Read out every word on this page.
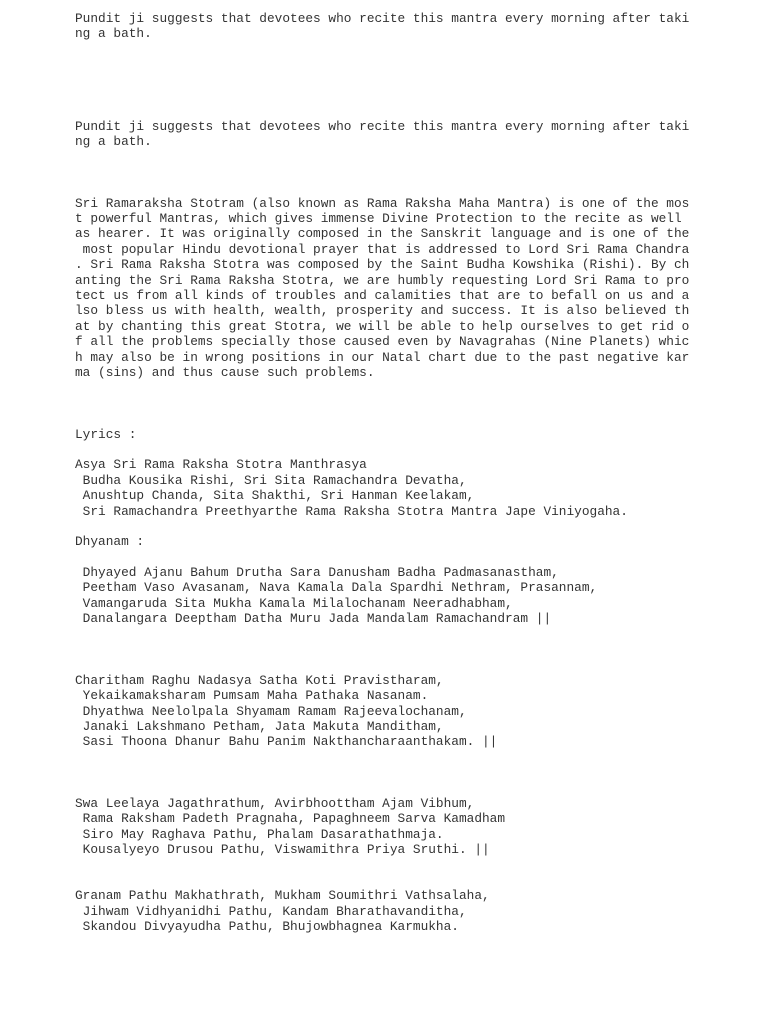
Pundit ji suggests that devotees who recite this mantra every morning after taki
ng a bath.
Pundit ji suggests that devotees who recite this mantra every morning after taki
ng a bath.
Sri Ramaraksha Stotram (also known as Rama Raksha Maha Mantra) is one of the mos
t powerful Mantras, which gives immense Divine Protection to the recite as well
as hearer. It was originally composed in the Sanskrit language and is one of the
most popular Hindu devotional prayer that is addressed to Lord Sri Rama Chandra
. Sri Rama Raksha Stotra was composed by the Saint Budha Kowshika (Rishi). By ch
anting the Sri Rama Raksha Stotra, we are humbly requesting Lord Sri Rama to pro
tect us from all kinds of troubles and calamities that are to befall on us and a
lso bless us with health, wealth, prosperity and success. It is also believed th
at by chanting this great Stotra, we will be able to help ourselves to get rid o
f all the problems specially those caused even by Navagrahas (Nine Planets) whic
h may also be in wrong positions in our Natal chart due to the past negative kar
ma (sins) and thus cause such problems.
Lyrics :
Asya Sri Rama Raksha Stotra Manthrasya
Budha Kousika Rishi, Sri Sita Ramachandra Devatha,
Anushtup Chanda, Sita Shakthi, Sri Hanman Keelakam,
Sri Ramachandra Preethyarthe Rama Raksha Stotra Mantra Jape Viniyogaha.
Dhyanam :
Dhyayed Ajanu Bahum Drutha Sara Danusham Badha Padmasanastham,
Peetham Vaso Avasanam, Nava Kamala Dala Spardhi Nethram, Prasannam,
Vamangaruda Sita Mukha Kamala Milalochanam Neeradhabham,
Danalangara Deeptham Datha Muru Jada Mandalam Ramachandram ||
Charitham Raghu Nadasya Satha Koti Pravistharam,
Yekaikamaksharam Pumsam Maha Pathaka Nasanam.
Dhyathwa Neelolpala Shyamam Ramam Rajeevalochanam,
Janaki Lakshmano Petham, Jata Makuta Manditham,
Sasi Thoona Dhanur Bahu Panim Nakthancharaanthakam. ||
Swa Leelaya Jagathrathum, Avirbhoottham Ajam Vibhum,
Rama Raksham Padeth Pragnaha, Papaghneem Sarva Kamadham
Siro May Raghava Pathu, Phalam Dasarathathmaja.
Kousalyeyo Drusou Pathu, Viswamithra Priya Sruthi. ||
Granam Pathu Makhathrath, Mukham Soumithri Vathsalaha,
Jihwam Vidhyanidhi Pathu, Kandam Bharathavanditha,
Skandou Divyayudha Pathu, Bhujowbhagnea Karmukha.
